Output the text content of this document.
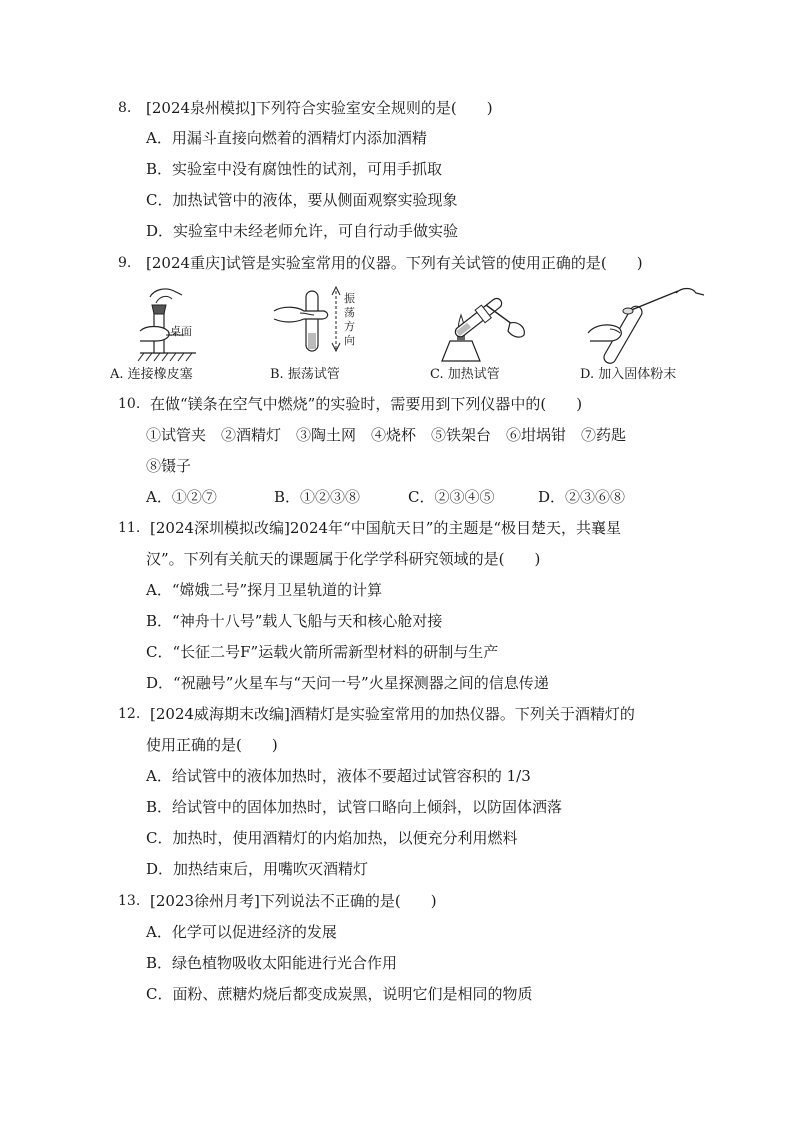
8. [2024泉州模拟]下列符合实验室安全规则的是(　　)
A．用漏斗直接向燃着的酒精灯内添加酒精
B．实验室中没有腐蚀性的试剂，可用手抓取
C．加热试管中的液体，要从侧面观察实验现象
D．实验室中未经老师允许，可自行动手做实验
9. [2024重庆]试管是实验室常用的仪器。下列有关试管的使用正确的是(　　)
桌面
A. 连接橡皮塞
振
荡
方
向
B. 振荡试管	C. 加热试管	D. 加入固体粉末
10. 在做“镁条在空气中燃烧”的实验时，需要用到下列仪器中的(　　)
①试管夹　②酒精灯　③陶土网　④烧杯　⑤铁架台　⑥坩埚钳　⑦药匙
⑧镊子
A．①②⑦	B．①②③⑧	C．②③④⑤	D．②③⑥⑧
11. [2024深圳模拟改编]2024年“中国航天日”的主题是“极目楚天，共襄星
汉”。下列有关航天的课题属于化学学科研究领域的是(　　)
A．“嫦娥二号”探月卫星轨道的计算
B．“神舟十八号”载人飞船与天和核心舱对接
C．“长征二号F”运载火箭所需新型材料的研制与生产
D．“祝融号”火星车与“天问一号”火星探测器之间的信息传递
12. [2024威海期末改编]酒精灯是实验室常用的加热仪器。下列关于酒精灯的
使用正确的是(　　)
A．给试管中的液体加热时，液体不要超过试管容积的 1/3
B．给试管中的固体加热时，试管口略向上倾斜，以防固体洒落
C．加热时，使用酒精灯的内焰加热，以便充分利用燃料
D．加热结束后，用嘴吹灭酒精灯
13. [2023徐州月考]下列说法不正确的是(　　)
A．化学可以促进经济的发展
B．绿色植物吸收太阳能进行光合作用
C．面粉、蔗糖灼烧后都变成炭黑，说明它们是相同的物质
